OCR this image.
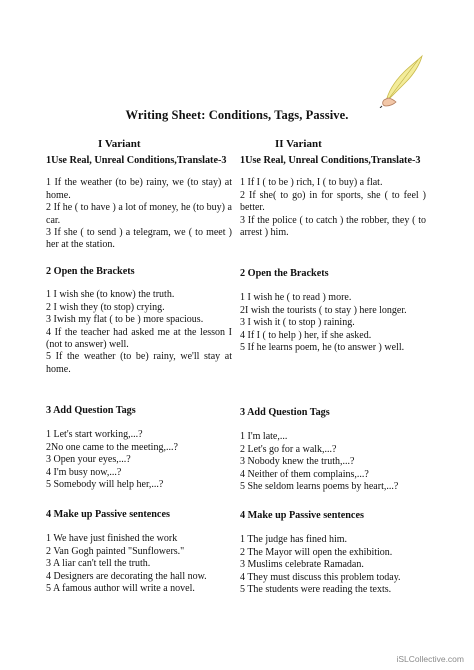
Writing Sheet: Conditions, Tags, Passive.
I Variant	II Variant
1Use Real, Unreal Conditions,Translate-3
1 If the weather (to be) rainy, we (to stay) at home.
2 If he ( to have ) a lot of money, he (to buy) a car.
3 If she ( to send ) a telegram, we ( to meet ) her at the station.
2 Open the Brackets
1 I wish she (to know) the truth.
2 I wish they (to stop) crying.
3 Iwish my flat ( to be ) more spacious.
4 If the teacher had asked me at the lesson I (not to answer) well.
5 If the weather (to be) rainy, we'll stay at home.
3 Add Question Tags
1 Let's start working,...?
2No one came to the meeting,...?
3 Open your eyes,...?
4 I'm busy now,...?
5 Somebody will help her,...?
4 Make up Passive sentences
1 We have just finished the work
2 Van Gogh painted "Sunflowers."
3 A liar can't tell the truth.
4 Designers are decorating the hall now.
5 A famous author will write a novel.
1Use Real, Unreal Conditions,Translate-3
1 If I ( to be ) rich, I ( to buy) a flat.
2 If she( to go) in for sports, she ( to feel ) better.
3 If the police ( to catch ) the robber, they ( to arrest ) him.
2 Open the Brackets
1 I wish he ( to read ) more.
2I wish the tourists ( to stay ) here longer.
3 I wish it ( to stop ) raining.
4 If I ( to help ) her, if she asked.
5 If he learns poem, he (to answer ) well.
3 Add Question Tags
1 I'm late,...
2 Let's go for a walk,...?
3 Nobody knew the truth,...?
4 Neither of them complains,...?
5 She seldom learns poems by heart,...?
4 Make up Passive sentences
1 The judge has fined him.
2 The Mayor will open the exhibition.
3 Muslims celebrate Ramadan.
4 They must discuss this problem today.
5 The students were reading the texts.
iSLCollective.com
